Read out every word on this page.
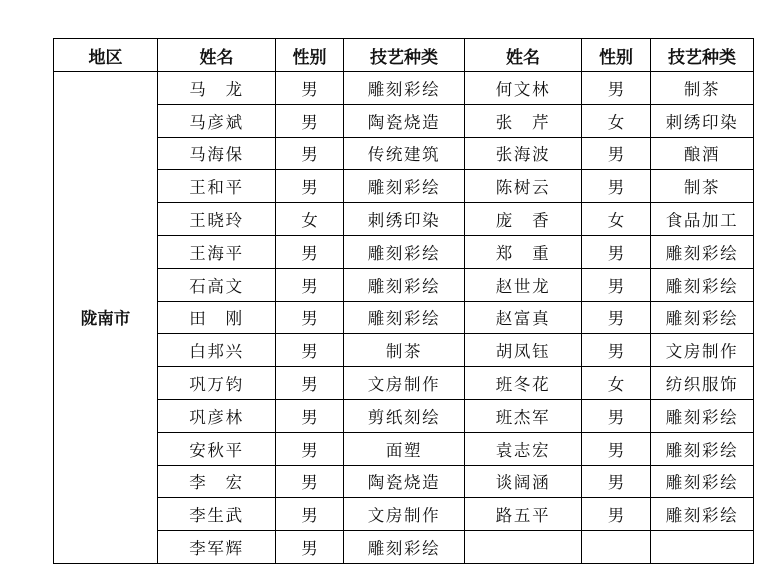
地区	姓名	性别	技艺种类	姓名	性别	技艺种类
陇南市	马　龙	男	雕刻彩绘	何文林	男	制茶
	马彦斌	男	陶瓷烧造	张　芹	女	刺绣印染
	马海保	男	传统建筑	张海波	男	酿酒
	王和平	男	雕刻彩绘	陈树云	男	制茶
	王晓玲	女	刺绣印染	庞　香	女	食品加工
	王海平	男	雕刻彩绘	郑　重	男	雕刻彩绘
	石高文	男	雕刻彩绘	赵世龙	男	雕刻彩绘
	田　刚	男	雕刻彩绘	赵富真	男	雕刻彩绘
	白邦兴	男	制茶	胡凤钰	男	文房制作
	巩万钧	男	文房制作	班冬花	女	纺织服饰
	巩彦林	男	剪纸刻绘	班杰军	男	雕刻彩绘
	安秋平	男	面塑	袁志宏	男	雕刻彩绘
	李　宏	男	陶瓷烧造	谈阔涵	男	雕刻彩绘
	李生武	男	文房制作	路五平	男	雕刻彩绘
	李军辉	男	雕刻彩绘			
